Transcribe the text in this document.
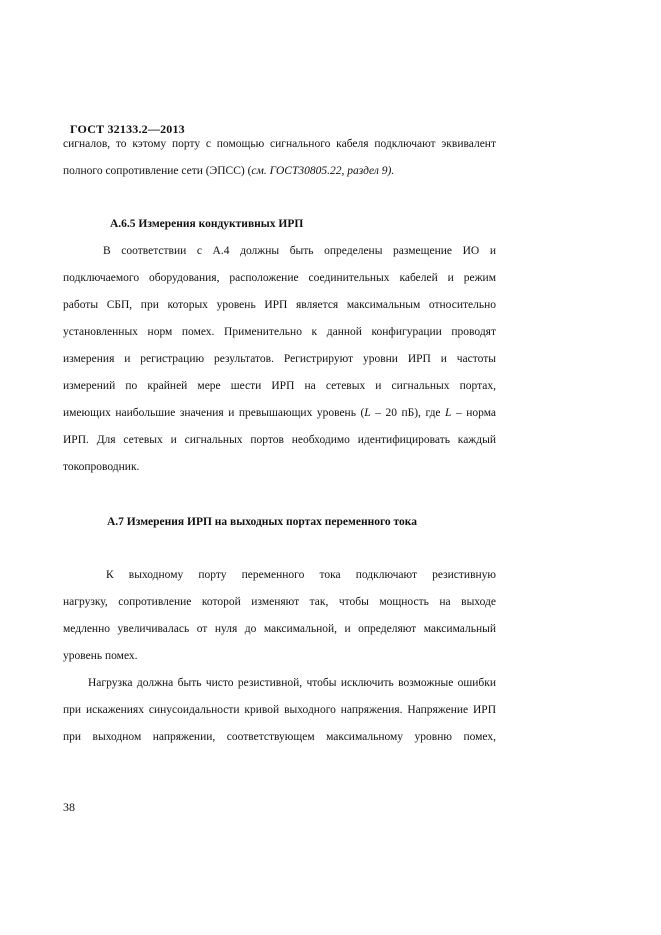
ГОСТ 32133.2—2013
сигналов, то кэтому порту с помощью сигнального кабеля подключают эквивалент
полного сопротивление сети (ЭПСС) (см. ГОСТ30805.22, раздел 9).
А.6.5 Измерения кондуктивных ИРП
В соответствии с А.4 должны быть определены размещение ИО и
подключаемого оборудования, расположение соединительных кабелей и режим
работы СБП, при которых уровень ИРП является максимальным относительно
установленных норм помех. Применительно к данной конфигурации проводят
измерения и регистрацию результатов. Регистрируют уровни ИРП и частоты
измерений по крайней мере шести ИРП на сетевых и сигнальных портах,
имеющих наибольшие значения и превышающих уровень (L – 20 пБ), где L – норма
ИРП. Для сетевых и сигнальных портов необходимо идентифицировать каждый
токопроводник.
А.7 Измерения ИРП на выходных портах переменного тока
К выходному порту переменного тока подключают резистивную
нагрузку, сопротивление которой изменяют так, чтобы мощность на выходе
медленно увеличивалась от нуля до максимальной, и определяют максимальный
уровень помех.
Нагрузка должна быть чисто резистивной, чтобы исключить возможные ошибки
при искажениях синусоидальности кривой выходного напряжения. Напряжение ИРП
при выходном напряжении, соответствующем максимальному уровню помех,
38
